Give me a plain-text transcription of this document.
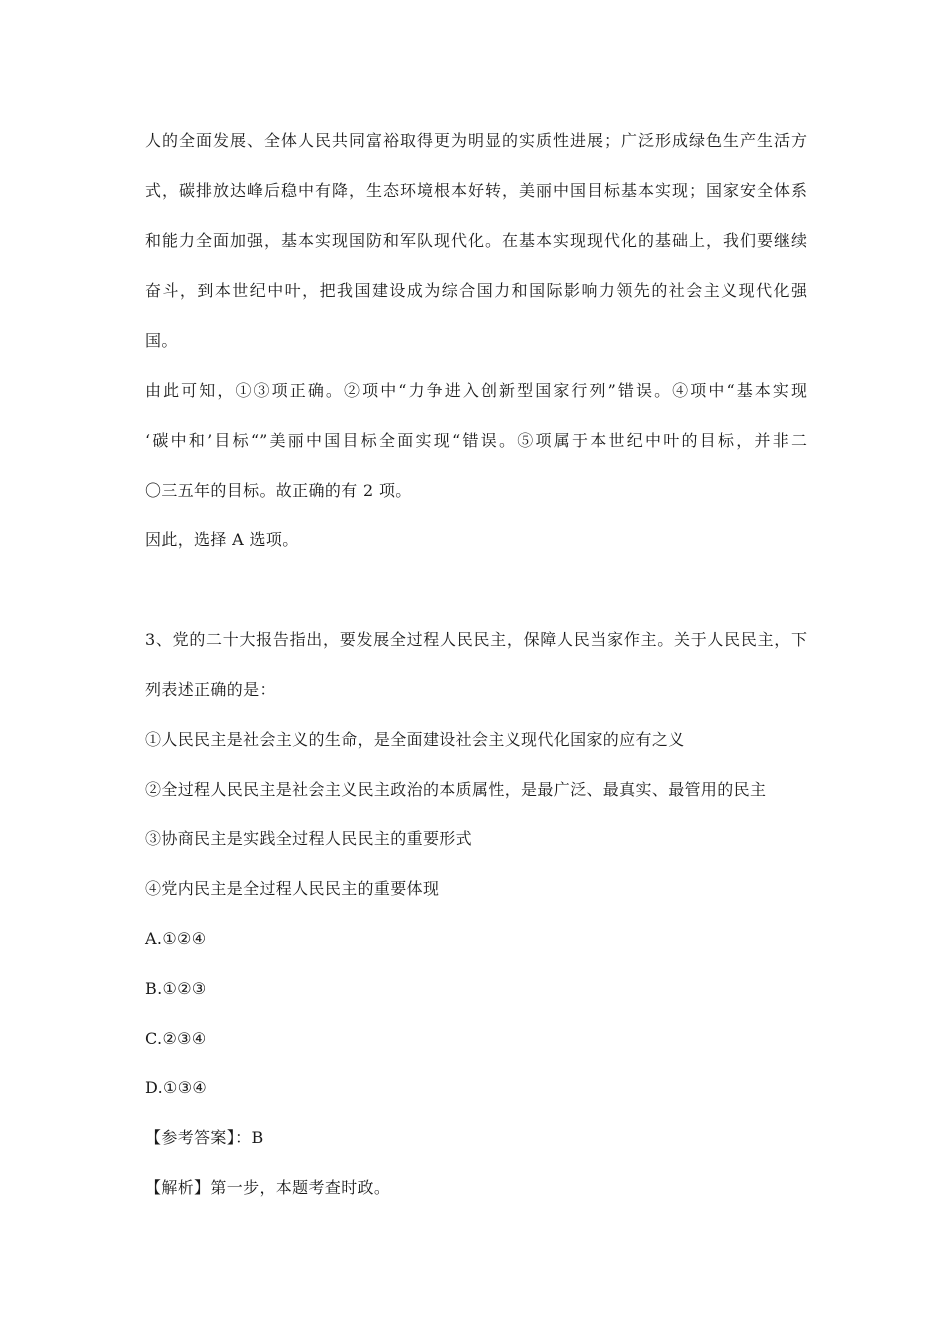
人的全面发展、全体人民共同富裕取得更为明显的实质性进展；广泛形成绿色生产生活方
式，碳排放达峰后稳中有降，生态环境根本好转，美丽中国目标基本实现；国家安全体系
和能力全面加强，基本实现国防和军队现代化。在基本实现现代化的基础上，我们要继续
奋斗，到本世纪中叶，把我国建设成为综合国力和国际影响力领先的社会主义现代化强
国。
由此可知，①③项正确。②项中“力争进入创新型国家行列”错误。④项中“基本实现
‘碳中和’目标“”美丽中国目标全面实现“错误。⑤项属于本世纪中叶的目标，并非二
〇三五年的目标。故正确的有 2 项。
因此，选择 A 选项。
3、党的二十大报告指出，要发展全过程人民民主，保障人民当家作主。关于人民民主，下
列表述正确的是：
①人民民主是社会主义的生命，是全面建设社会主义现代化国家的应有之义
②全过程人民民主是社会主义民主政治的本质属性，是最广泛、最真实、最管用的民主
③协商民主是实践全过程人民民主的重要形式
④党内民主是全过程人民民主的重要体现
A.①②④
B.①②③
C.②③④
D.①③④
【参考答案】：B
【解析】第一步，本题考查时政。
